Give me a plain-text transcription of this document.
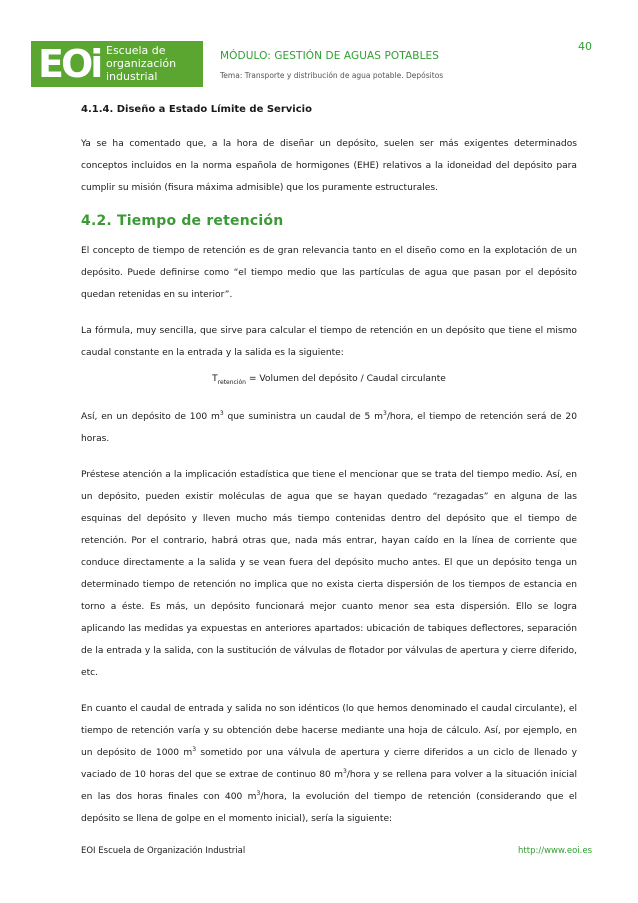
40
EOi Escuela de
organización
industrial
MÓDULO: GESTIÓN DE AGUAS POTABLES
Tema: Transporte y distribución de agua potable. Depósitos
4.1.4. Diseño a Estado Límite de Servicio

Ya se ha comentado que, a la hora de diseñar un depósito, suelen ser más exigentes determinados conceptos incluidos en la norma española de hormigones (EHE) relativos a la idoneidad del depósito para cumplir su misión (fisura máxima admisible) que los puramente estructurales.

4.2. Tiempo de retención

El concepto de tiempo de retención es de gran relevancia tanto en el diseño como en la explotación de un depósito. Puede definirse como “el tiempo medio que las partículas de agua que pasan por el depósito quedan retenidas en su interior”.

La fórmula, muy sencilla, que sirve para calcular el tiempo de retención en un depósito que tiene el mismo caudal constante en la entrada y la salida es la siguiente:

$T_{retención}$ = Volumen del depósito / Caudal circulante

Así, en un depósito de 100 $m^3$ que suministra un caudal de 5 $m^3$/hora, el tiempo de retención será de 20 horas.

Préstese atención a la implicación estadística que tiene el mencionar que se trata del tiempo medio. Así, en un depósito, pueden existir moléculas de agua que se hayan quedado “rezagadas” en alguna de las esquinas del depósito y lleven mucho más tiempo contenidas dentro del depósito que el tiempo de retención. Por el contrario, habrá otras que, nada más entrar, hayan caído en la línea de corriente que conduce directamente a la salida y se vean fuera del depósito mucho antes. El que un depósito tenga un determinado tiempo de retención no implica que no exista cierta dispersión de los tiempos de estancia en torno a éste. Es más, un depósito funcionará mejor cuanto menor sea esta dispersión. Ello se logra aplicando las medidas ya expuestas en anteriores apartados: ubicación de tabiques deflectores, separación de la entrada y la salida, con la sustitución de válvulas de flotador por válvulas de apertura y cierre diferido, etc.

En cuanto el caudal de entrada y salida no son idénticos (lo que hemos denominado el caudal circulante), el tiempo de retención varía y su obtención debe hacerse mediante una hoja de cálculo. Así, por ejemplo, en un depósito de 1000 $m^3$ sometido por una válvula de apertura y cierre diferidos a un ciclo de llenado y vaciado de 10 horas del que se extrae de continuo 80 $m^3$/hora y se rellena para volver a la situación inicial en las dos horas finales con 400 $m^3$/hora, la evolución del tiempo de retención (considerando que el depósito se llena de golpe en el momento inicial), sería la siguiente:

EOI Escuela de Organización Industrial	http://www.eoi.es
